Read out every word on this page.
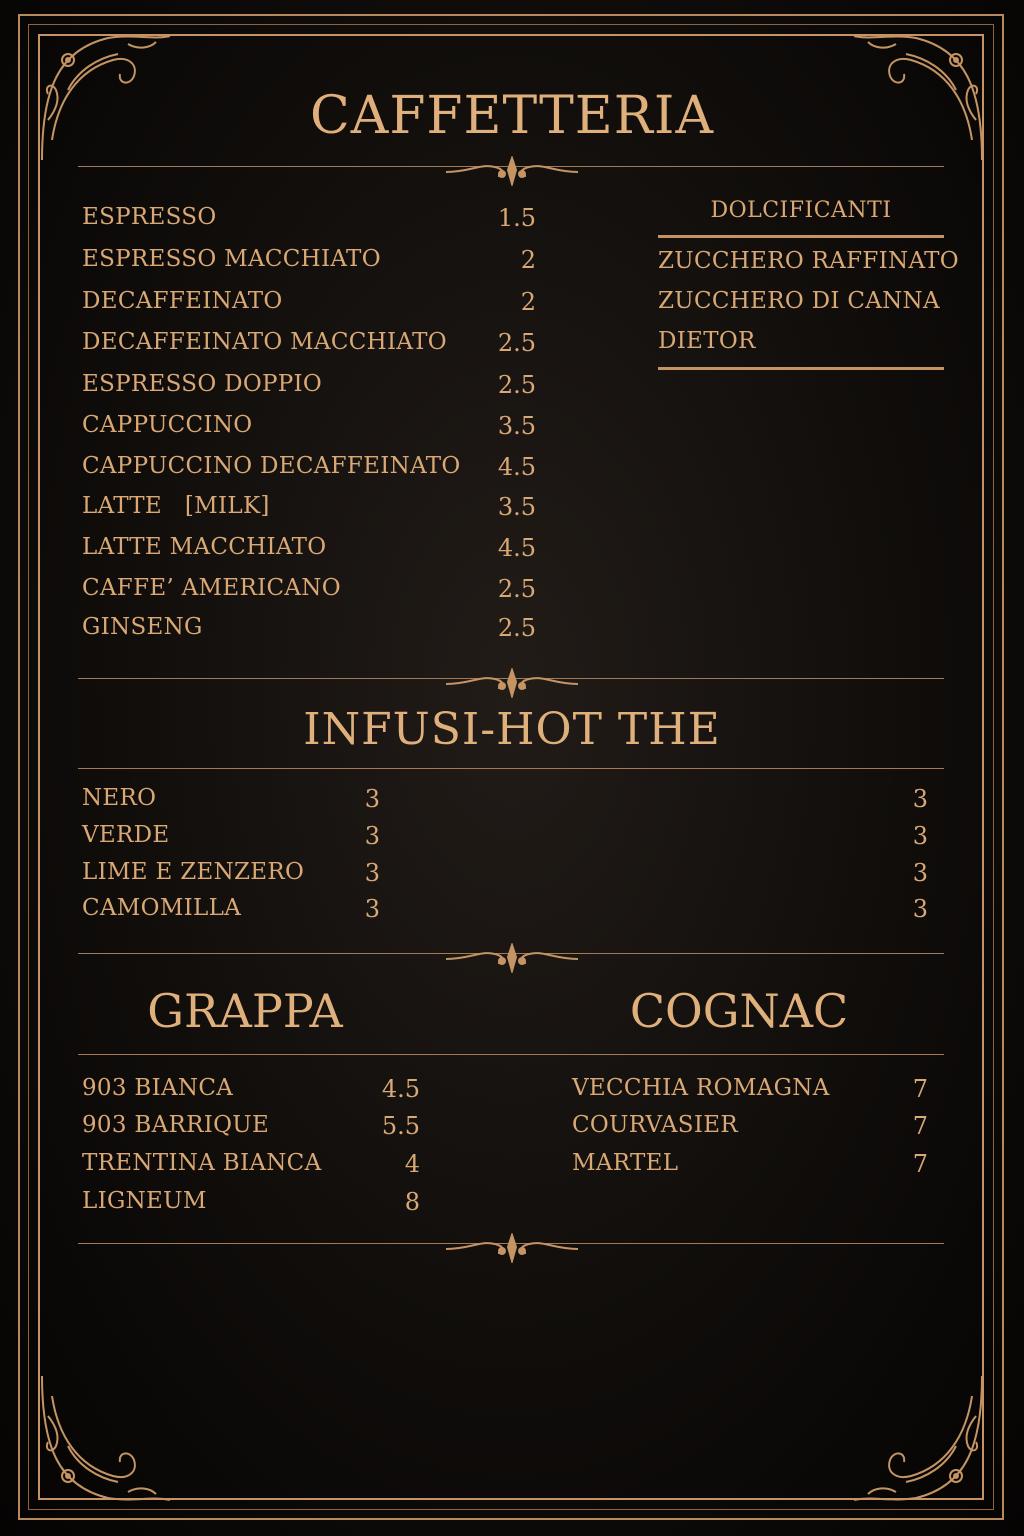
CAFFETTERIA
ESPRESSO	1.5
ESPRESSO MACCHIATO	2
DECAFFEINATO	2
DECAFFEINATO MACCHIATO	2.5
ESPRESSO DOPPIO	2.5
CAPPUCCINO	3.5
CAPPUCCINO DECAFFEINATO	4.5
LATTE   [MILK]	3.5
LATTE MACCHIATO	4.5
CAFFE’ AMERICANO	2.5
GINSENG	2.5
DOLCIFICANTI
ZUCCHERO RAFFINATO
ZUCCHERO DI CANNA
DIETOR
INFUSI-HOT THE
NERO	3	3
VERDE	3	3
LIME E ZENZERO	3	3
CAMOMILLA	3	3
GRAPPA	COGNAC
903 BIANCA	4.5
903 BARRIQUE	5.5
TRENTINA BIANCA	4
LIGNEUM	8
VECCHIA ROMAGNA	7
COURVASIER	7
MARTEL	7
